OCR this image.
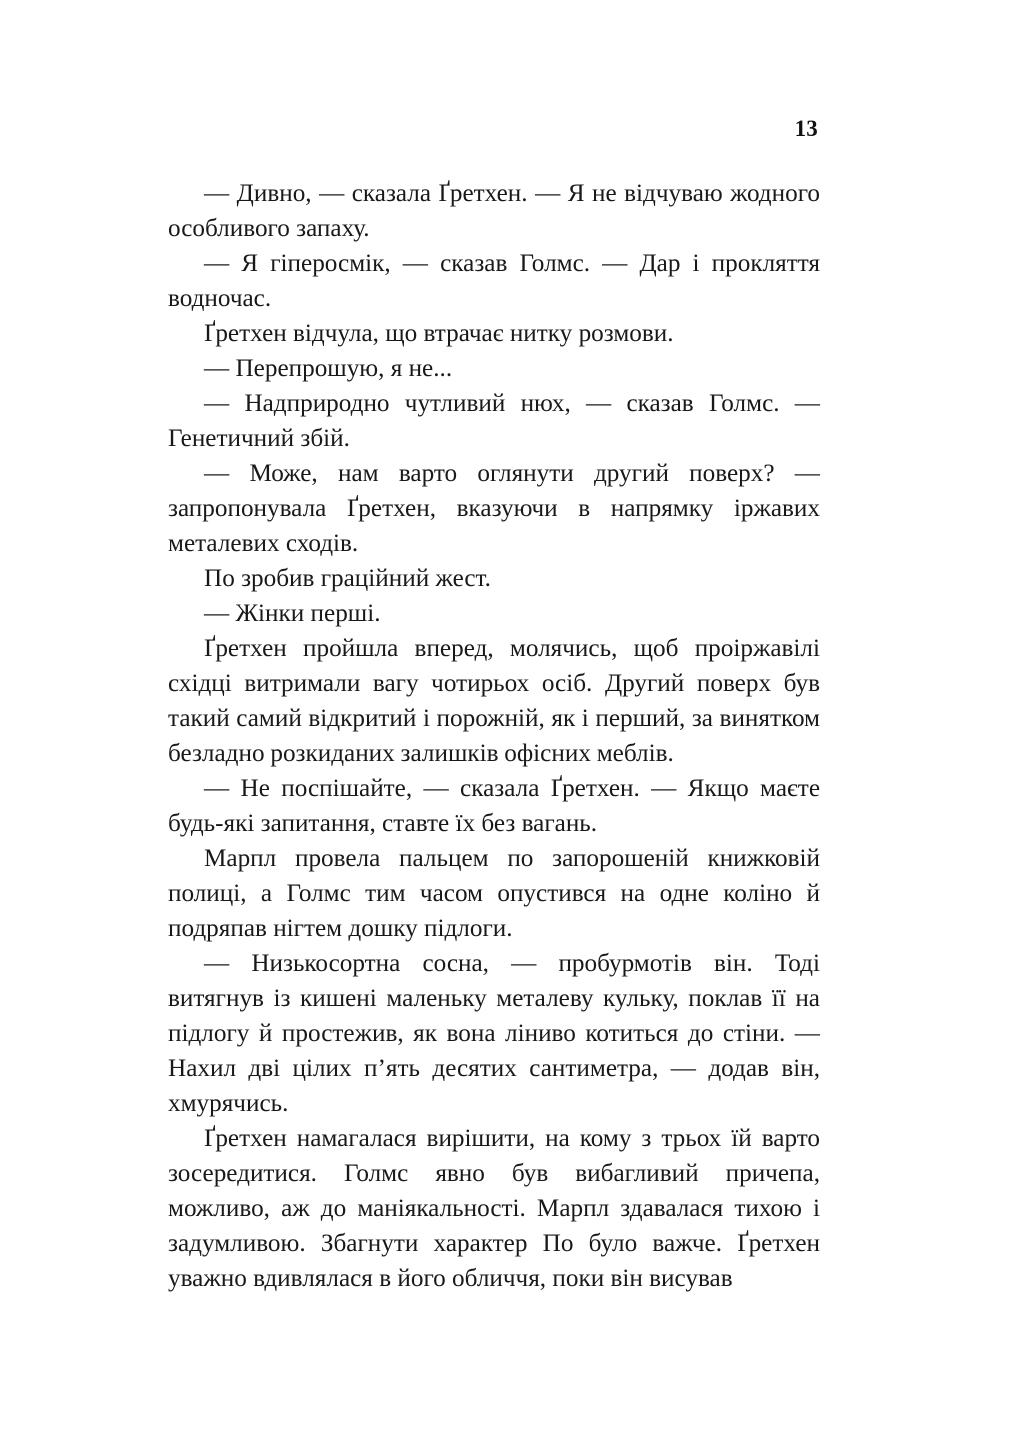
13

— Дивно, — сказала Ґретхен. — Я не відчуваю жодного особливого запаху.

— Я гіперосмік, — сказав Голмс. — Дар і прокляття водночас.

Ґретхен відчула, що втрачає нитку розмови.

— Перепрошую, я не...

— Надприродно чутливий нюх, — сказав Голмс. — Генетичний збій.

— Може, нам варто оглянути другий поверх? — запропонувала Ґретхен, вказуючи в напрямку іржавих металевих сходів.

По зробив граційний жест.

— Жінки перші.

Ґретхен пройшла вперед, молячись, щоб проіржавілі східці витримали вагу чотирьох осіб. Другий поверх був такий самий відкритий і порожній, як і перший, за винятком безладно розкиданих залишків офісних меблів.

— Не поспішайте, — сказала Ґретхен. — Якщо маєте будь-які запитання, ставте їх без вагань.

Марпл провела пальцем по запорошеній книжковій полиці, а Голмс тим часом опустився на одне коліно й подряпав нігтем дошку підлоги.

— Низькосортна сосна, — пробурмотів він. Тоді витягнув із кишені маленьку металеву кульку, поклав її на підлогу й простежив, як вона ліниво котиться до стіни. — Нахил дві цілих п’ять десятих сантиметра, — додав він, хмурячись.

Ґретхен намагалася вирішити, на кому з трьох їй варто зосередитися. Голмс явно був вибагливий причепа, можливо, аж до маніякальності. Марпл здавалася тихою і задумливою. Збагнути характер По було важче. Ґретхен уважно вдивлялася в його обличчя, поки він висував
